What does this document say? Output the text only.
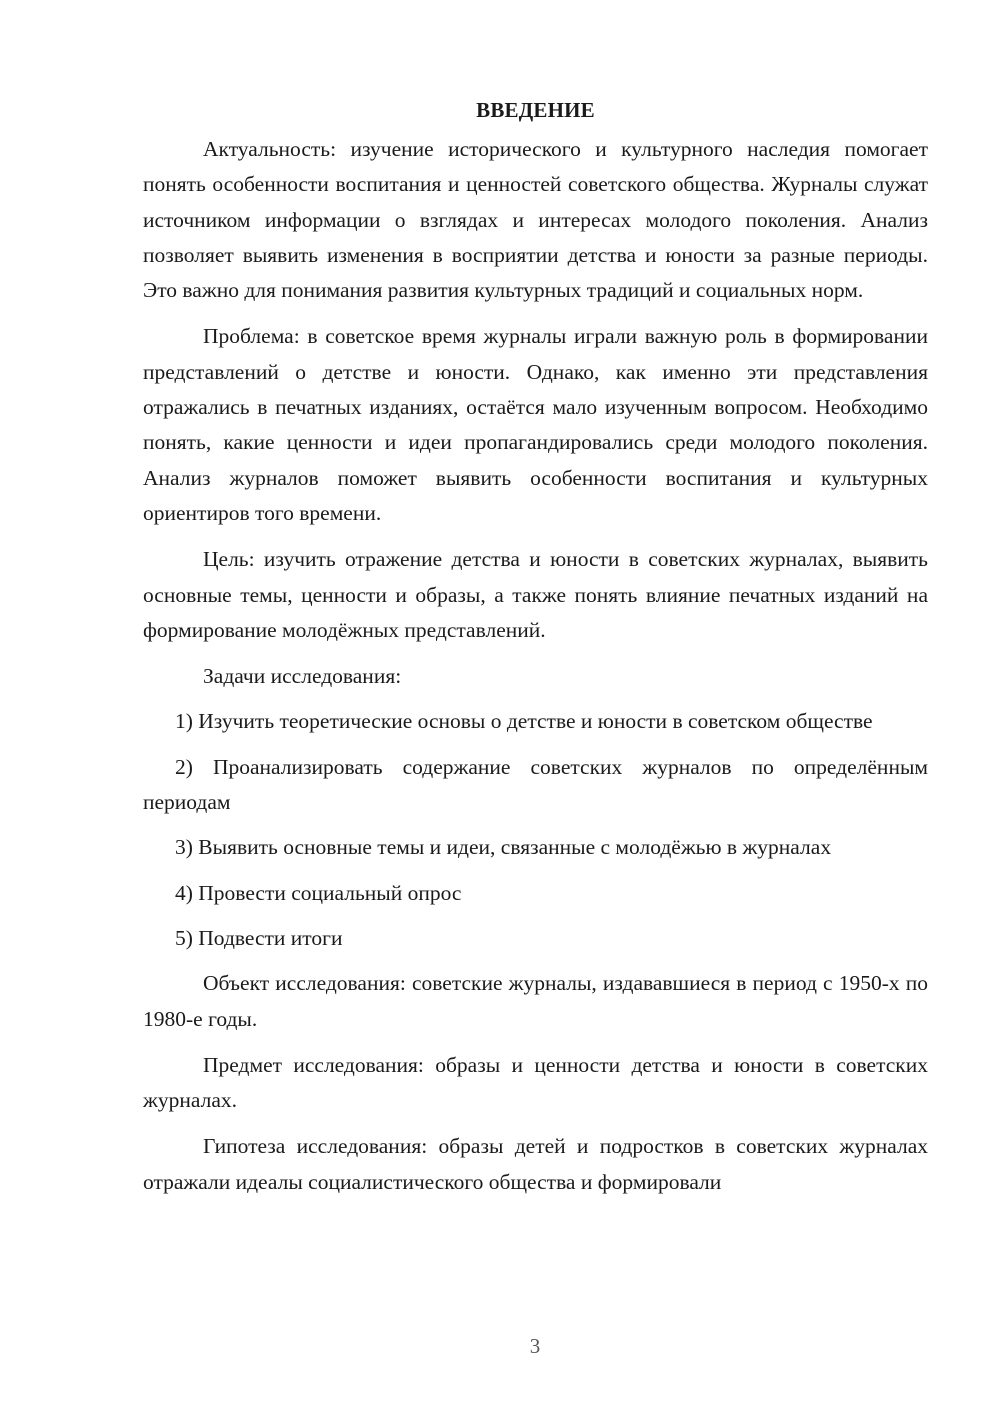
ВВЕДЕНИЕ

Актуальность: изучение исторического и культурного наследия помогает понять особенности воспитания и ценностей советского общества. Журналы служат источником информации о взглядах и интересах молодого поколения. Анализ позволяет выявить изменения в восприятии детства и юности за разные периоды. Это важно для понимания развития культурных традиций и социальных норм.

Проблема: в советское время журналы играли важную роль в формировании представлений о детстве и юности. Однако, как именно эти представления отражались в печатных изданиях, остаётся мало изученным вопросом. Необходимо понять, какие ценности и идеи пропагандировались среди молодого поколения. Анализ журналов поможет выявить особенности воспитания и культурных ориентиров того времени.

Цель: изучить отражение детства и юности в советских журналах, выявить основные темы, ценности и образы, а также понять влияние печатных изданий на формирование молодёжных представлений.

Задачи исследования:

1) Изучить теоретические основы о детстве и юности в советском обществе

2) Проанализировать содержание советских журналов по определённым периодам

3) Выявить основные темы и идеи, связанные с молодёжью в журналах

4) Провести социальный опрос

5) Подвести итоги

Объект исследования: советские журналы, издававшиеся в период с 1950-х по 1980-е годы.

Предмет исследования: образы и ценности детства и юности в советских журналах.

Гипотеза исследования: образы детей и подростков в советских журналах отражали идеалы социалистического общества и формировали

3
